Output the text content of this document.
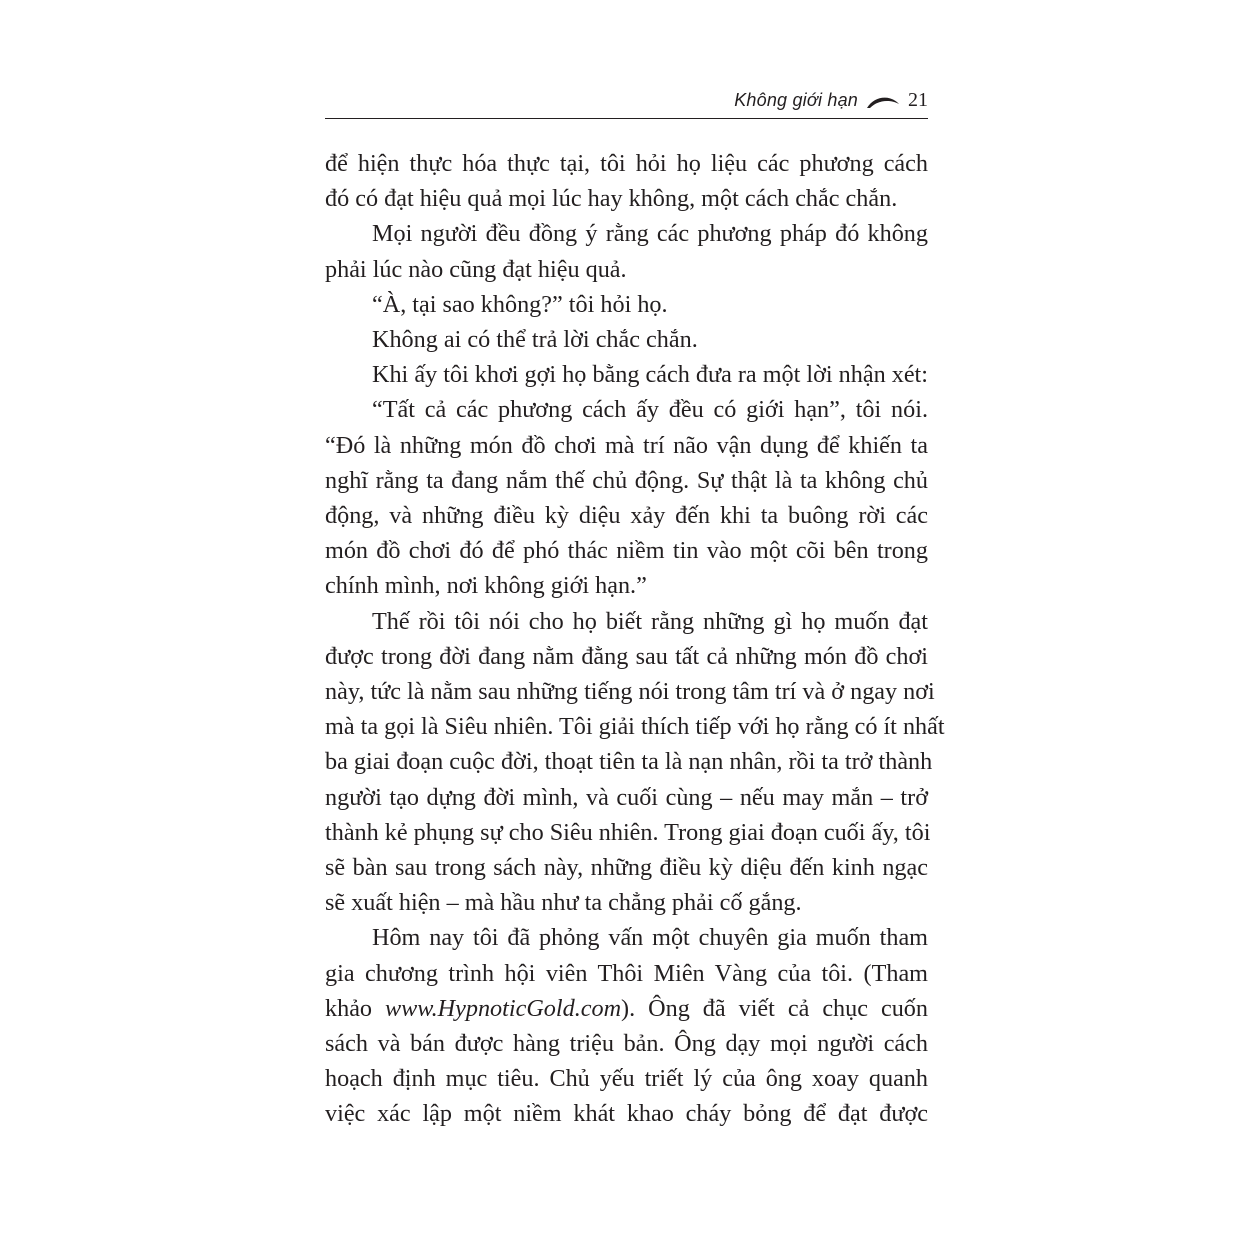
Không giới hạn	21
để hiện thực hóa thực tại, tôi hỏi họ liệu các phương cách
đó có đạt hiệu quả mọi lúc hay không, một cách chắc chắn.
Mọi người đều đồng ý rằng các phương pháp đó không
phải lúc nào cũng đạt hiệu quả.
“À, tại sao không?” tôi hỏi họ.
Không ai có thể trả lời chắc chắn.
Khi ấy tôi khơi gợi họ bằng cách đưa ra một lời nhận xét:
“Tất cả các phương cách ấy đều có giới hạn”, tôi nói.
“Đó là những món đồ chơi mà trí não vận dụng để khiến ta
nghĩ rằng ta đang nắm thế chủ động. Sự thật là ta không chủ
động, và những điều kỳ diệu xảy đến khi ta buông rời các
món đồ chơi đó để phó thác niềm tin vào một cõi bên trong
chính mình, nơi không giới hạn.”
Thế rồi tôi nói cho họ biết rằng những gì họ muốn đạt
được trong đời đang nằm đằng sau tất cả những món đồ chơi
này, tức là nằm sau những tiếng nói trong tâm trí và ở ngay nơi
mà ta gọi là Siêu nhiên. Tôi giải thích tiếp với họ rằng có ít nhất
ba giai đoạn cuộc đời, thoạt tiên ta là nạn nhân, rồi ta trở thành
người tạo dựng đời mình, và cuối cùng – nếu may mắn – trở
thành kẻ phụng sự cho Siêu nhiên. Trong giai đoạn cuối ấy, tôi
sẽ bàn sau trong sách này, những điều kỳ diệu đến kinh ngạc
sẽ xuất hiện – mà hầu như ta chẳng phải cố gắng.
Hôm nay tôi đã phỏng vấn một chuyên gia muốn tham
gia chương trình hội viên Thôi Miên Vàng của tôi. (Tham
khảo www.HypnoticGold.com). Ông đã viết cả chục cuốn
sách và bán được hàng triệu bản. Ông dạy mọi người cách
hoạch định mục tiêu. Chủ yếu triết lý của ông xoay quanh
việc xác lập một niềm khát khao cháy bỏng để đạt được
